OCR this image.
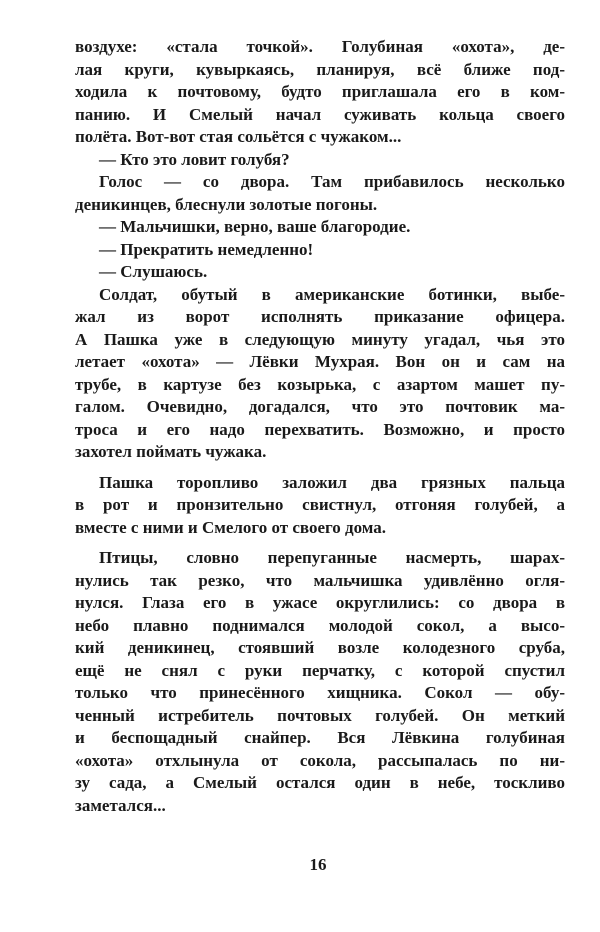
воздухе: «стала точкой». Голубиная «охота», де-
лая круги, кувыркаясь, планируя, всё ближе под-
ходила к почтовому, будто приглашала его в ком-
панию. И Смелый начал суживать кольца своего
полёта. Вот-вот стая сольётся с чужаком...
— Кто это ловит голубя?
Голос — со двора. Там прибавилось несколько
деникинцев, блеснули золотые погоны.
— Мальчишки, верно, ваше благородие.
— Прекратить немедленно!
— Слушаюсь.
Солдат, обутый в американские ботинки, выбе-
жал из ворот исполнять приказание офицера.
А Пашка уже в следующую минуту угадал, чья это
летает «охота» — Лёвки Мухрая. Вон он и сам на
трубе, в картузе без козырька, с азартом машет пу-
галом. Очевидно, догадался, что это почтовик ма-
троса и его надо перехватить. Возможно, и просто
захотел поймать чужака.
Пашка торопливо заложил два грязных пальца
в рот и пронзительно свистнул, отгоняя голубей, а
вместе с ними и Смелого от своего дома.
Птицы, словно перепуганные насмерть, шарах-
нулись так резко, что мальчишка удивлённо огля-
нулся. Глаза его в ужасе округлились: со двора в
небо плавно поднимался молодой сокол, а высо-
кий деникинец, стоявший возле колодезного сруба,
ещё не снял с руки перчатку, с которой спустил
только что принесённого хищника. Сокол — обу-
ченный истребитель почтовых голубей. Он меткий
и беспощадный снайпер. Вся Лёвкина голубиная
«охота» отхлынула от сокола, рассыпалась по ни-
зу сада, а Смелый остался один в небе, тоскливо
заметался...
16
